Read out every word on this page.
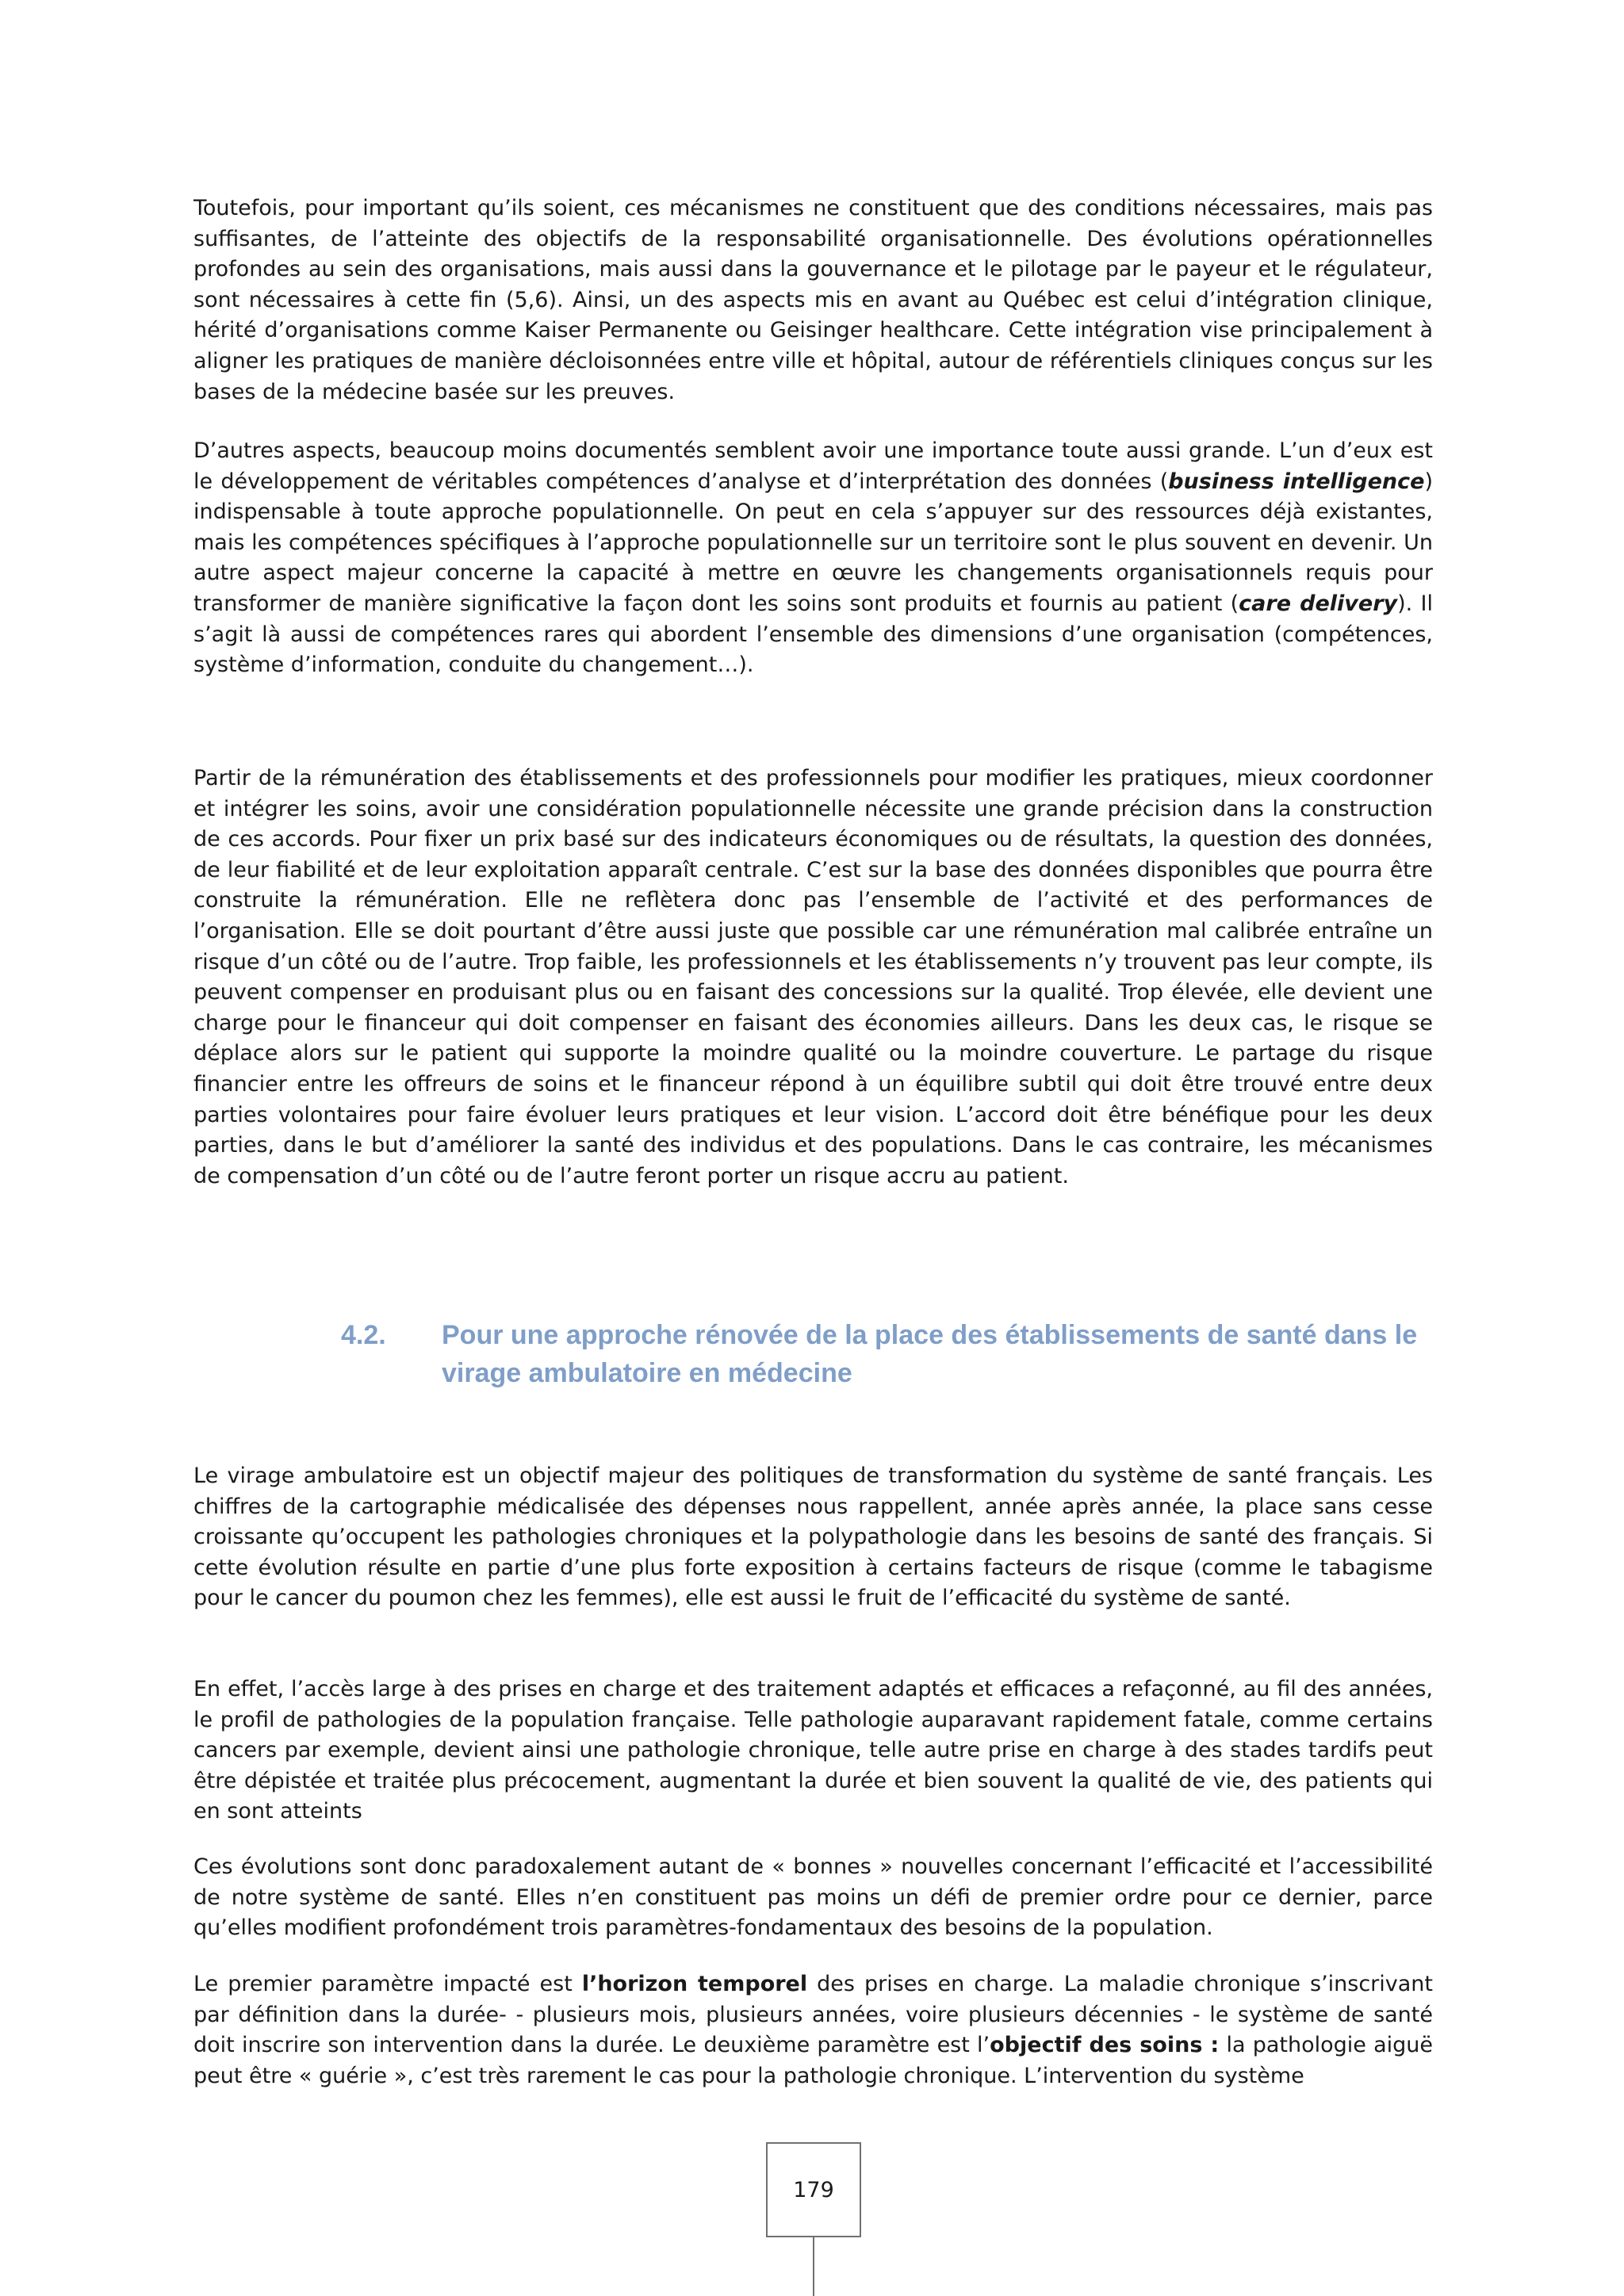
Toutefois, pour important qu’ils soient, ces mécanismes ne constituent que des conditions nécessaires, mais pas suffisantes, de l’atteinte des objectifs de la responsabilité organisationnelle. Des évolutions opérationnelles profondes au sein des organisations, mais aussi dans la gouvernance et le pilotage par le payeur et le régulateur, sont nécessaires à cette fin (5,6). Ainsi, un des aspects mis en avant au Québec est celui d’intégration clinique, hérité d’organisations comme Kaiser Permanente ou Geisinger healthcare. Cette intégration vise principalement à aligner les pratiques de manière décloisonnées entre ville et hôpital, autour de référentiels cliniques conçus sur les bases de la médecine basée sur les preuves.

D’autres aspects, beaucoup moins documentés semblent avoir une importance toute aussi grande. L’un d’eux est le développement de véritables compétences d’analyse et d’interprétation des données (business intelligence) indispensable à toute approche populationnelle. On peut en cela s’appuyer sur des ressources déjà existantes, mais les compétences spécifiques à l’approche populationnelle sur un territoire sont le plus souvent en devenir. Un autre aspect majeur concerne la capacité à mettre en œuvre les changements organisationnels requis pour transformer de manière significative la façon dont les soins sont produits et fournis au patient (care delivery). Il s’agit là aussi de compétences rares qui abordent l’ensemble des dimensions d’une organisation (compétences, système d’information, conduite du changement…).

Partir de la rémunération des établissements et des professionnels pour modifier les pratiques, mieux coordonner et intégrer les soins, avoir une considération populationnelle nécessite une grande précision dans la construction de ces accords. Pour fixer un prix basé sur des indicateurs économiques ou de résultats, la question des données, de leur fiabilité et de leur exploitation apparaît centrale. C’est sur la base des données disponibles que pourra être construite la rémunération. Elle ne reflètera donc pas l’ensemble de l’activité et des performances de l’organisation. Elle se doit pourtant d’être aussi juste que possible car une rémunération mal calibrée entraîne un risque d’un côté ou de l’autre. Trop faible, les professionnels et les établissements n’y trouvent pas leur compte, ils peuvent compenser en produisant plus ou en faisant des concessions sur la qualité. Trop élevée, elle devient une charge pour le financeur qui doit compenser en faisant des économies ailleurs. Dans les deux cas, le risque se déplace alors sur le patient qui supporte la moindre qualité ou la moindre couverture. Le partage du risque financier entre les offreurs de soins et le financeur répond à un équilibre subtil qui doit être trouvé entre deux parties volontaires pour faire évoluer leurs pratiques et leur vision. L’accord doit être bénéfique pour les deux parties, dans le but d’améliorer la santé des individus et des populations. Dans le cas contraire, les mécanismes de compensation d’un côté ou de l’autre feront porter un risque accru au patient.

4.2.	Pour une approche rénovée de la place des établissements de santé dans le virage ambulatoire en médecine

Le virage ambulatoire est un objectif majeur des politiques de transformation du système de santé français. Les chiffres de la cartographie médicalisée des dépenses nous rappellent, année après année, la place sans cesse croissante qu’occupent les pathologies chroniques et la polypathologie dans les besoins de santé des français. Si cette évolution résulte en partie d’une plus forte exposition à certains facteurs de risque (comme le tabagisme pour le cancer du poumon chez les femmes), elle est aussi le fruit de l’efficacité du système de santé.

En effet, l’accès large à des prises en charge et des traitement adaptés et efficaces a refaçonné, au fil des années, le profil de pathologies de la population française. Telle pathologie auparavant rapidement fatale, comme certains cancers par exemple, devient ainsi une pathologie chronique, telle autre prise en charge à des stades tardifs peut être dépistée et traitée plus précocement, augmentant la durée et bien souvent la qualité de vie, des patients qui en sont atteints

Ces évolutions sont donc paradoxalement autant de « bonnes » nouvelles concernant l’efficacité et l’accessibilité de notre système de santé. Elles n’en constituent pas moins un défi de premier ordre pour ce dernier, parce qu’elles modifient profondément trois paramètres-fondamentaux des besoins de la population.

Le premier paramètre impacté est l’horizon temporel des prises en charge. La maladie chronique s’inscrivant par définition dans la durée- - plusieurs mois, plusieurs années, voire plusieurs décennies - le système de santé doit inscrire son intervention dans la durée. Le deuxième paramètre est l’objectif des soins : la pathologie aiguë peut être « guérie », c’est très rarement le cas pour la pathologie chronique. L’intervention du système

179
